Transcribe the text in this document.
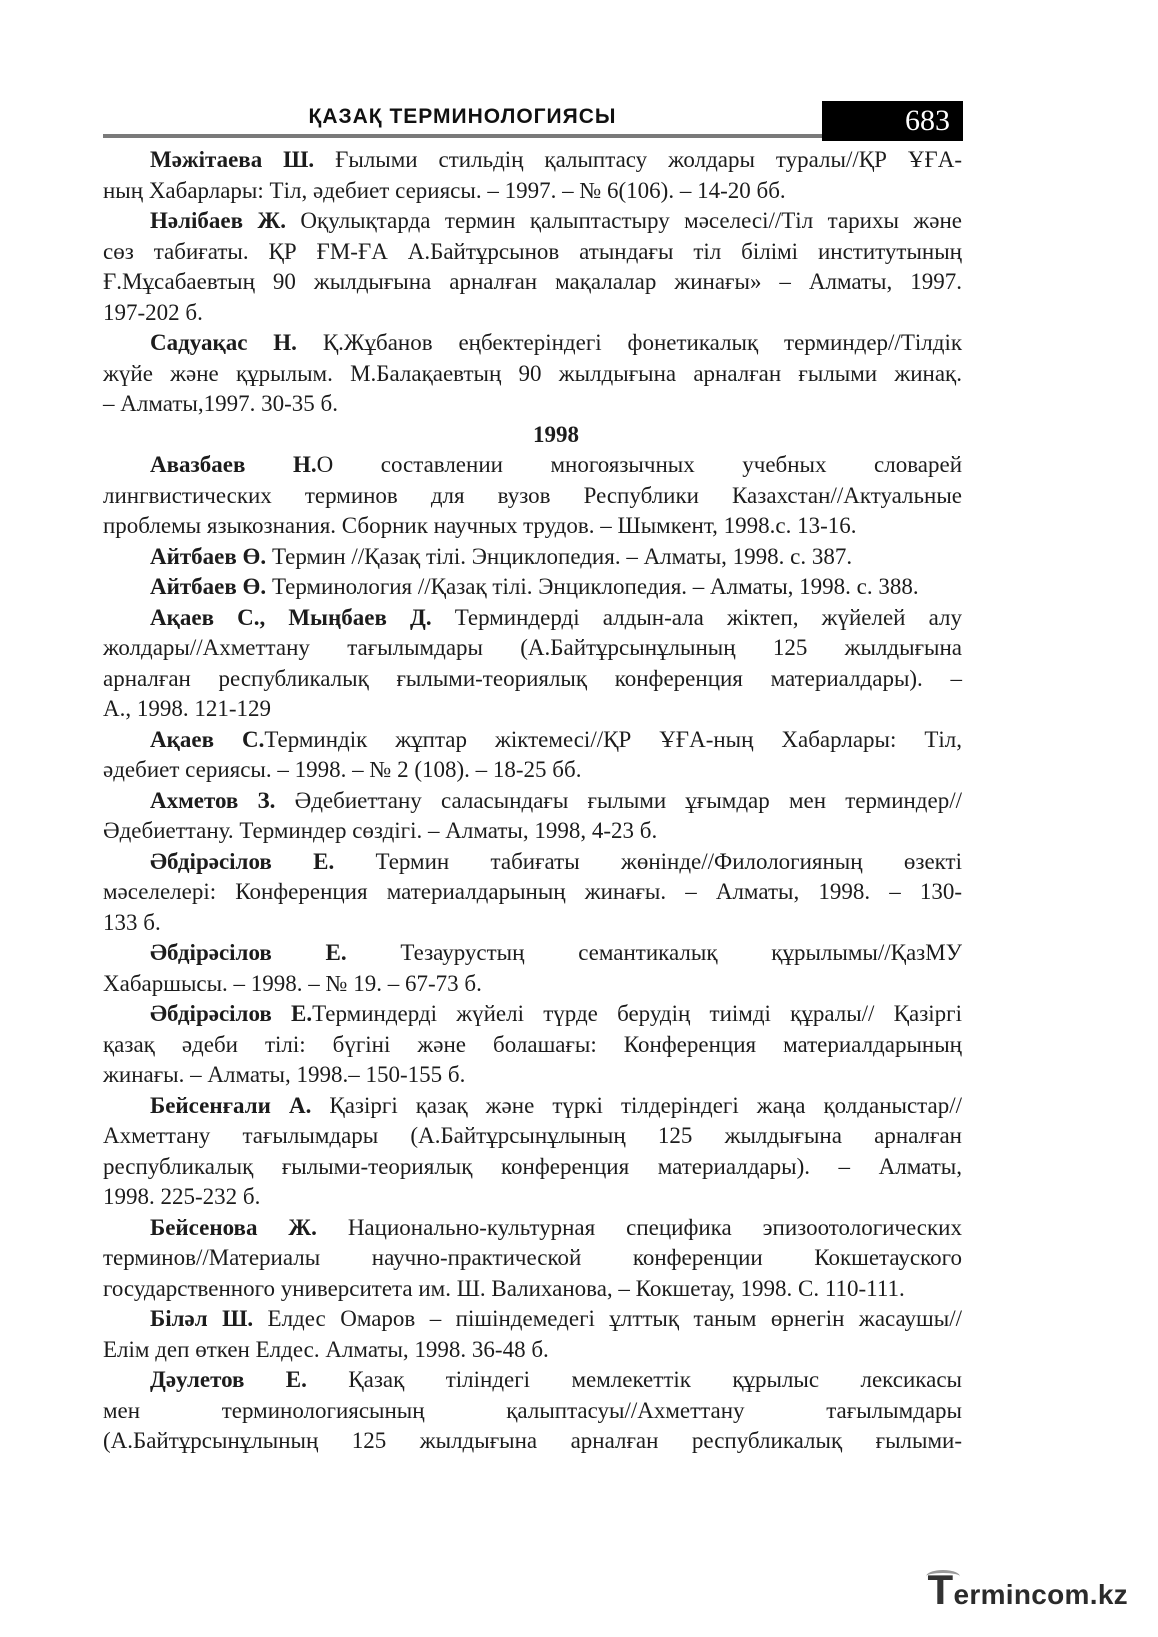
ҚАЗАҚ ТЕРМИНОЛОГИЯСЫ	683
Мәжітаева Ш. Ғылыми стильдің қалыптасу жолдары туралы//ҚР ҰҒА-
ның Хабарлары: Тіл, әдебиет сериясы. – 1997. – № 6(106). – 14-20 бб.
Нәлібаев Ж. Оқулықтарда термин қалыптастыру мәселесі//Тіл тарихы және
сөз табиғаты. ҚР ҒМ-ҒА А.Байтұрсынов атындағы тіл білімі институтының
Ғ.Мұсабаевтың 90 жылдығына арналған мақалалар жинағы» – Алматы, 1997.
197-202 б.
Садуақас Н. Қ.Жұбанов еңбектеріндегі фонетикалық терминдер//Тілдік
жүйе және құрылым. М.Балақаевтың 90 жылдығына арналған ғылыми жинақ.
– Алматы,1997. 30-35 б.
1998
Авазбаев Н.О составлении многоязычных учебных словарей
лингвистических терминов для вузов Республики Казахстан//Актуальные
проблемы языкознания. Сборник научных трудов. – Шымкент, 1998.с. 13-16.
Айтбаев Ө. Термин //Қазақ тілі. Энциклопедия. – Алматы, 1998. с. 387.
Айтбаев Ө. Терминология //Қазақ тілі. Энциклопедия. – Алматы, 1998. с. 388.
Ақаев С., Мыңбаев Д. Терминдерді алдын-ала жіктеп, жүйелей алу
жолдары//Ахметтану тағылымдары (А.Байтұрсынұлының 125 жылдығына
арналған республикалық ғылыми-теориялық конференция материалдары). –
А., 1998. 121-129
Ақаев С.Терминдік жұптар жіктемесі//ҚР ҰҒА-ның Хабарлары: Тіл,
әдебиет сериясы. – 1998. – № 2 (108). – 18-25 бб.
Ахметов З. Әдебиеттану саласындағы ғылыми ұғымдар мен терминдер//
Әдебиеттану. Терминдер сөздігі. – Алматы, 1998, 4-23 б.
Әбдірәсілов Е. Термин табиғаты жөнінде//Филологияның өзекті
мәселелері: Конференция материалдарының жинағы. – Алматы, 1998. – 130-
133 б.
Әбдірәсілов Е. Тезаурустың семантикалық құрылымы//ҚазМУ
Хабаршысы. – 1998. – № 19. – 67-73 б.
Әбдірәсілов Е.Терминдерді жүйелі түрде берудің тиімді құралы// Қазіргі
қазақ әдеби тілі: бүгіні және болашағы: Конференция материалдарының
жинағы. – Алматы, 1998.– 150-155 б.
Бейсенғали А. Қазіргі қазақ және түркі тілдеріндегі жаңа қолданыстар//
Ахметтану тағылымдары (А.Байтұрсынұлының 125 жылдығына арналған
республикалық ғылыми-теориялық конференция материалдары). – Алматы,
1998. 225-232 б.
Бейсенова Ж. Национально-культурная специфика эпизоотологических
терминов//Материалы научно-практической конференции Кокшетауского
государственного университета им. Ш. Валиханова, – Кокшетау, 1998. С. 110-111.
Біләл Ш. Елдес Омаров – пішіндемедегі ұлттық таным өрнегін жасаушы//
Елім деп өткен Елдес. Алматы, 1998. 36-48 б.
Дәулетов Е. Қазақ тіліндегі мемлекеттік құрылыс лексикасы
мен терминологиясының қалыптасуы//Ахметтану тағылымдары
(А.Байтұрсынұлының 125 жылдығына арналған республикалық ғылыми-
Termincom.kz
